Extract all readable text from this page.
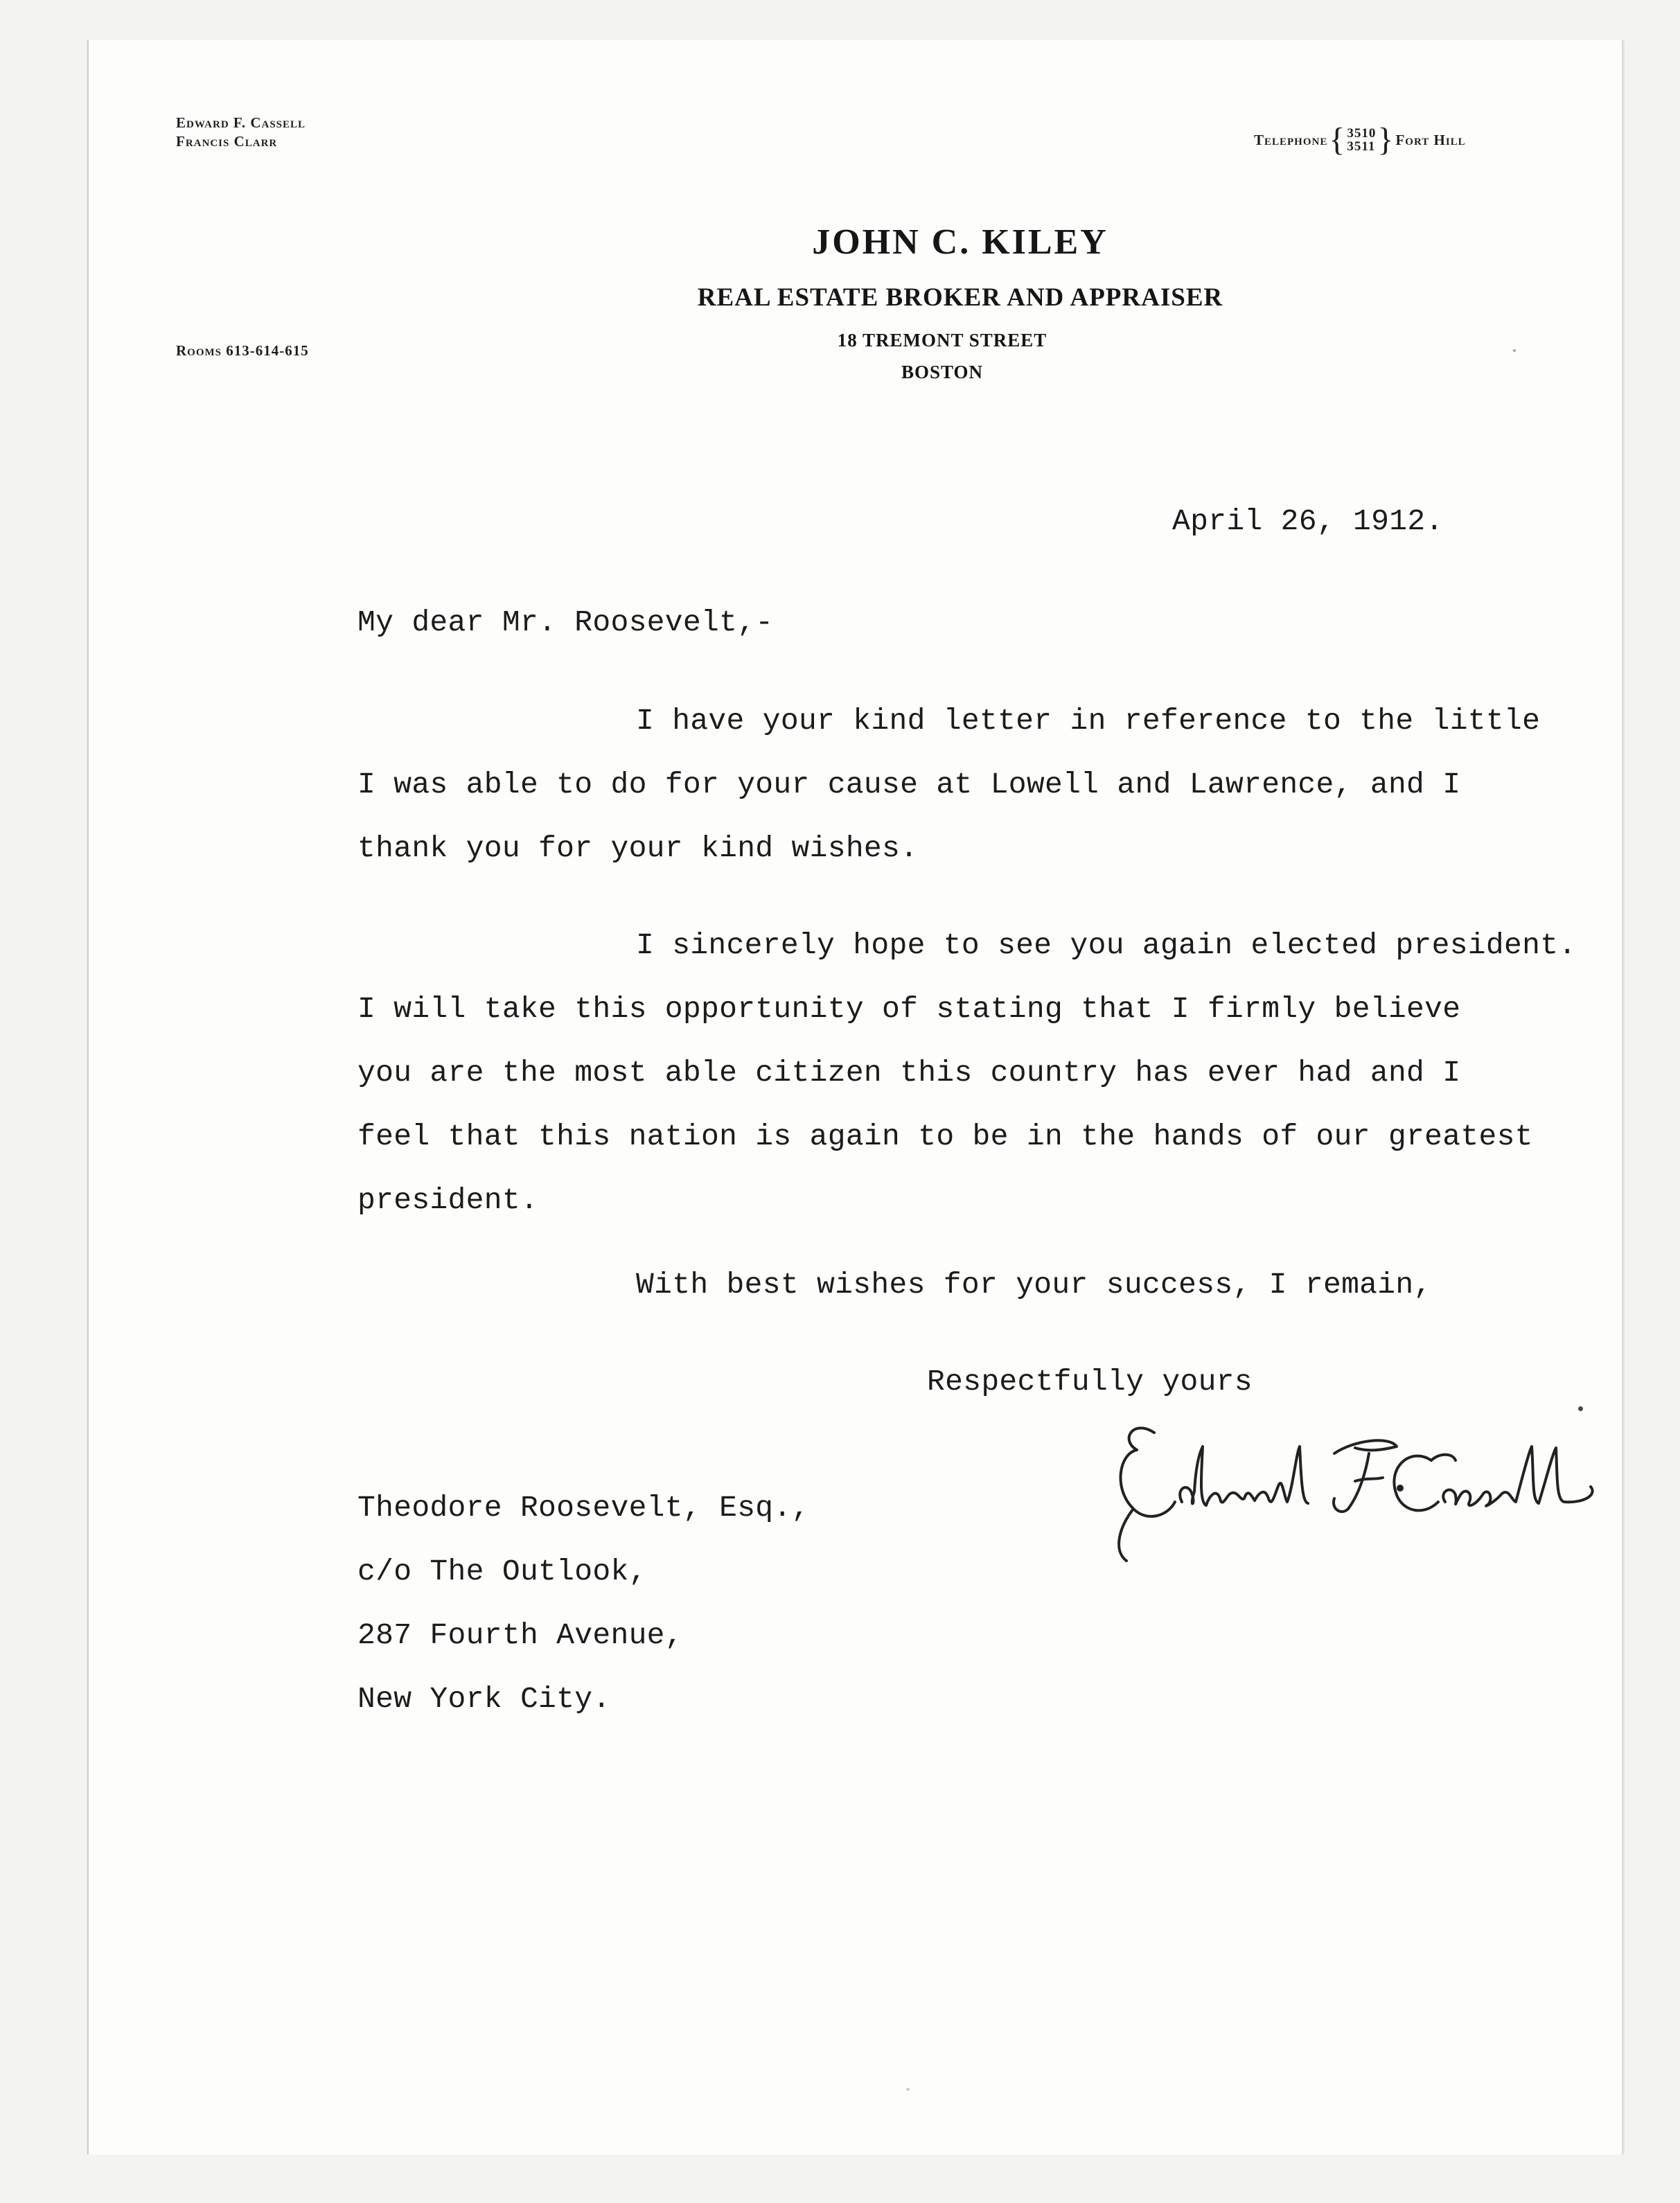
Edward F. Cassell
Francis Clarr	Telephone { 3510
3511 } Fort Hill
JOHN C. KILEY
REAL ESTATE BROKER AND APPRAISER
18 TREMONT STREET
BOSTON
Rooms 613-614-615
April 26, 1912.
My dear Mr. Roosevelt,-
I have your kind letter in reference to the little
I was able to do for your cause at Lowell and Lawrence, and I
thank you for your kind wishes.
I sincerely hope to see you again elected president.
I will take this opportunity of stating that I firmly believe
you are the most able citizen this country has ever had and I
feel that this nation is again to be in the hands of our greatest
president.
With best wishes for your success, I remain,
Respectfully yours
Theodore Roosevelt, Esq.,
c/o The Outlook,
287 Fourth Avenue,
New York City.
